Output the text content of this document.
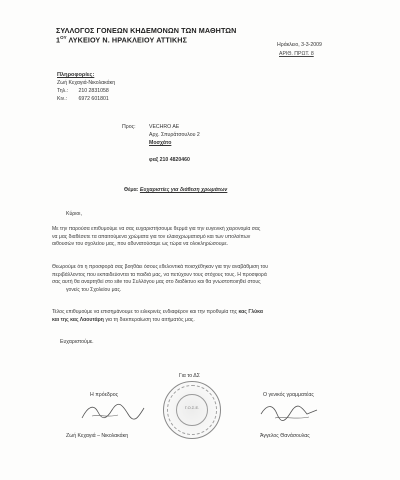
ΣΥΛΛΟΓΟΣ ΓΟΝΕΩΝ ΚΗΔΕΜΟΝΩΝ ΤΩΝ ΜΑΘΗΤΩΝ
$1^{O\Upsilon}$ ΛΥΚΕΙΟΥ Ν. ΗΡΑΚΛΕΙΟΥ ΑΤΤΙΚΗΣ
Ηράκλειο, 3-3-2009
ΑΡΙΘ. ΠΡΩΤ. 8
Πληροφορίες:
Ζωή Κεχαγιά-Νικολακάκη
Τηλ.: 210 2831058
Κιν.: 6972 601801
Προς:	VECHRO AE
Αρχ. Σπυράτσουλου 2
Μοσχάτο
φαξ 210 4820460
Θέμα: Ευχαριστίες για διάθεση χρωμάτων
Κύριοι,
Με την παρούσα επιθυμούμε να σας ευχαριστήσουμε θερμά για την ευγενική χειρονομία σας
να μας διαθέσετε τα απαιτούμενα χρώματα για τον ελαιοχρωματισμό και των υπολοίπων
αιθουσών του σχολείου μας, που αδυνατούσαμε ως τώρα να ολοκληρώσουμε.
Θεωρούμε ότι η προσφορά σας βοηθάει όσους εθελοντικά ποισχέθηκαν για την αναβάθμιση του
περιβάλλοντος που εκπαιδεύονται τα παιδιά μας, να πετύχουν τους στόχους τους. Η προσφορά
σας αυτή θα αναρτηθεί στο site του Συλλόγου μας στο διαδίκτυο και θα γνωστοποιηθεί στους
γονείς του Σχολείου μας.
Τέλος επιθυμούμε να επισημάνουμε το ειλικρινές ενδιαφέρον και την προθυμία της κας Γλύκα
και της κας Λαουτάρη για τη διεκπεραίωση του αιτήματός μας.
Ευχαριστούμε.
Για το ΔΣ
Η πρόεδρος	Ο γενικός γραμματέας
Γ.Ο.Σ.Ε.
Ζωή Κεχαγιά – Νικολακάκη	Άγγελος Θανάσουλας
